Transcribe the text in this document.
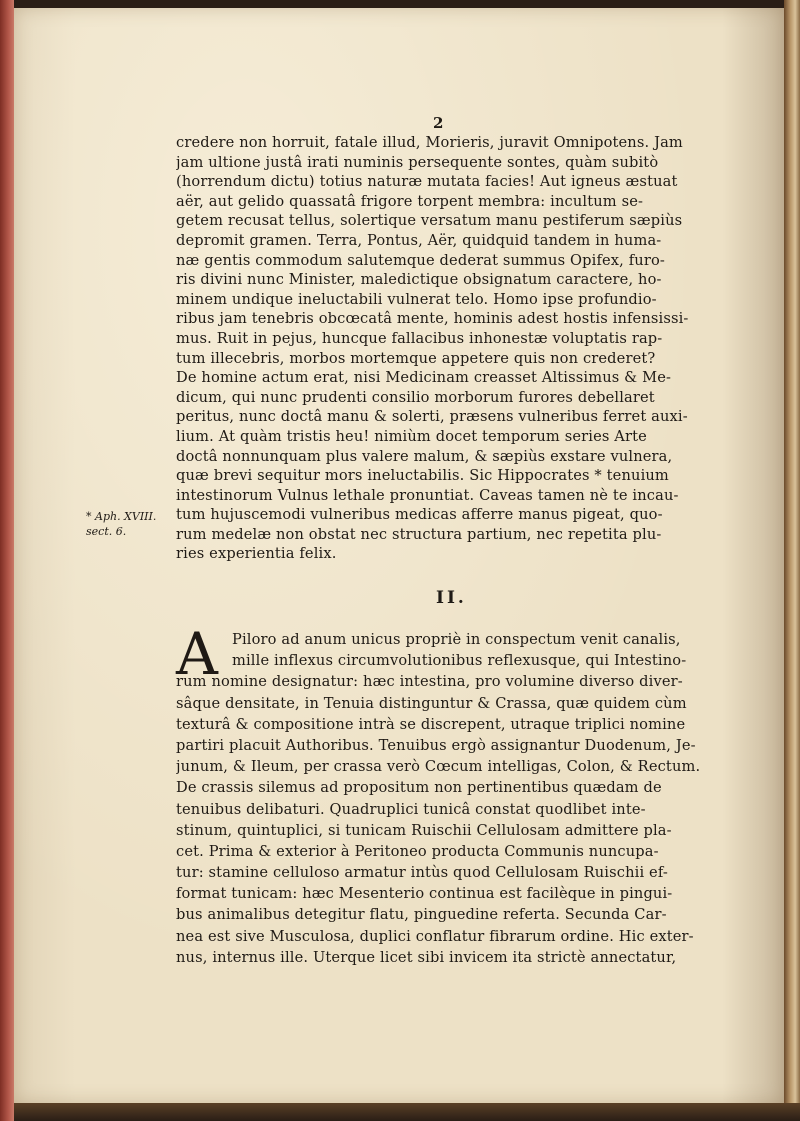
2
credere non horruit, fatale illud, Morieris, juravit Omnipotens. Jam
jam ultione justâ irati numinis persequente sontes, quàm subitò
(horrendum dictu) totius naturæ mutata facies! Aut igneus æstuat
aër, aut gelido quassatâ frigore torpent membra: incultum se-
getem recusat tellus, solertique versatum manu pestiferum sæpiùs
depromit gramen. Terra, Pontus, Aër, quidquid tandem in huma-
næ gentis commodum salutemque dederat summus Opifex, furo-
ris divini nunc Minister, maledictique obsignatum caractere, ho-
minem undique ineluctabili vulnerat telo. Homo ipse profundio-
ribus jam tenebris obcœcatâ mente, hominis adest hostis infensissi-
mus. Ruit in pejus, huncque fallacibus inhonestæ voluptatis rap-
tum illecebris, morbos mortemque appetere quis non crederet?
De homine actum erat, nisi Medicinam creasset Altissimus & Me-
dicum, qui nunc prudenti consilio morborum furores debellaret
peritus, nunc doctâ manu & solerti, præsens vulneribus ferret auxi-
lium. At quàm tristis heu! nimiùm docet temporum series Arte
doctâ nonnunquam plus valere malum, & sæpiùs exstare vulnera,
quæ brevi sequitur mors ineluctabilis. Sic Hippocrates * tenuium
intestinorum Vulnus lethale pronuntiat. Caveas tamen nè te incau-
tum hujuscemodi vulneribus medicas afferre manus pigeat, quo-
rum medelæ non obstat nec structura partium, nec repetita plu-
ries experientia felix.
* Aph. XVIII.
sect. 6.
II.
A Piloro ad anum unicus propriè in conspectum venit canalis,
mille inflexus circumvolutionibus reflexusque, qui Intestino-
rum nomine designatur: hæc intestina, pro volumine diverso diver-
sâque densitate, in Tenuia distinguntur & Crassa, quæ quidem cùm
texturâ & compositione intrà se discrepent, utraque triplici nomine
partiri placuit Authoribus. Tenuibus ergò assignantur Duodenum, Je-
junum, & Ileum, per crassa verò Cœcum intelligas, Colon, & Rectum.
De crassis silemus ad propositum non pertinentibus quædam de
tenuibus delibaturi. Quadruplici tunicâ constat quodlibet inte-
stinum, quintuplici, si tunicam Ruischii Cellulosam admittere pla-
cet. Prima & exterior à Peritoneo producta Communis nuncupa-
tur: stamine celluloso armatur intùs quod Cellulosam Ruischii ef-
format tunicam: hæc Mesenterio continua est facilèque in pingui-
bus animalibus detegitur flatu, pinguedine referta. Secunda Car-
nea est sive Musculosa, duplici conflatur fibrarum ordine. Hic exter-
nus, internus ille. Uterque licet sibi invicem ita strictè annectatur,
